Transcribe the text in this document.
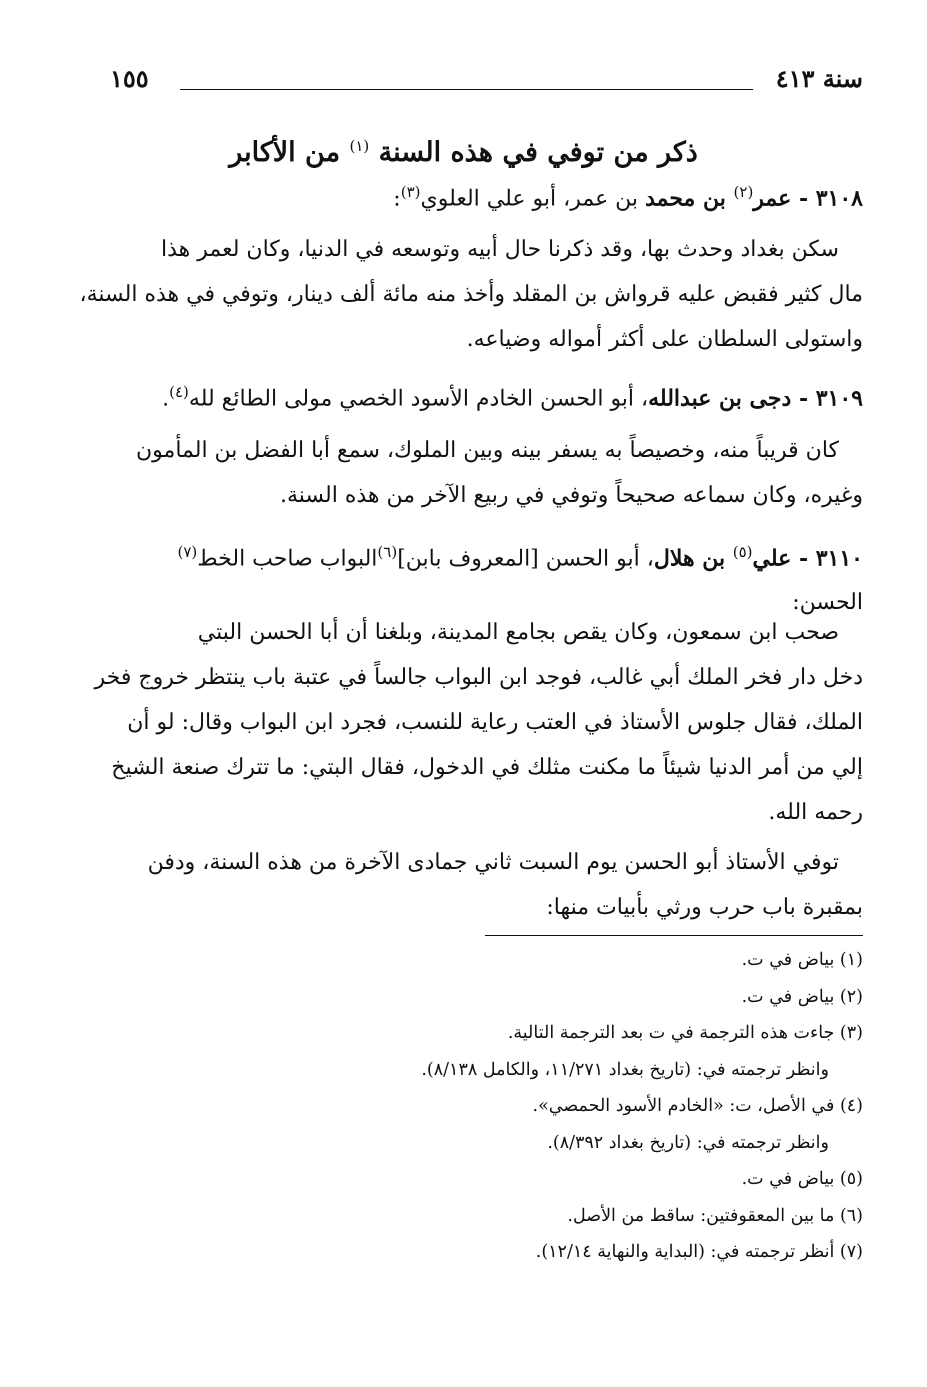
سنة ٤١٣
١٥٥
ذكر من توفي في هذه السنة $^{(١)}$ من الأكابر
٣١٠٨ - عمر$^{(٢)}$ بن محمد بن عمر، أبو علي العلوي$^{(٣)}$:
سكن بغداد وحدث بها، وقد ذكرنا حال أبيه وتوسعه في الدنيا، وكان لعمر هذا
مال كثير فقبض عليه قرواش بن المقلد وأخذ منه مائة ألف دينار، وتوفي في هذه السنة،
واستولى السلطان على أكثر أمواله وضياعه.
٣١٠٩ - دجى بن عبدالله، أبو الحسن الخادم الأسود الخصي مولى الطائع لله$^{(٤)}$.
كان قريباً منه، وخصيصاً به يسفر بينه وبين الملوك، سمع أبا الفضل بن المأمون
وغيره، وكان سماعه صحيحاً وتوفي في ربيع الآخر من هذه السنة.
٣١١٠ - علي$^{(٥)}$ بن هلال، أبو الحسن [المعروف بابن]$^{(٦)}$البواب صاحب الخط$^{(٧)}$
الحسن:
صحب ابن سمعون، وكان يقص بجامع المدينة، وبلغنا أن أبا الحسن البتي
دخل دار فخر الملك أبي غالب، فوجد ابن البواب جالساً في عتبة باب ينتظر خروج فخر
الملك، فقال جلوس الأستاذ في العتب رعاية للنسب، فجرد ابن البواب وقال: لو أن
إلي من أمر الدنيا شيئاً ما مكنت مثلك في الدخول، فقال البتي: ما تترك صنعة الشيخ
رحمه الله.
توفي الأستاذ أبو الحسن يوم السبت ثاني جمادى الآخرة من هذه السنة، ودفن
بمقبرة باب حرب ورثي بأبيات منها:
(١) بياض في ت.
(٢) بياض في ت.
(٣) جاءت هذه الترجمة في ت بعد الترجمة التالية.
وانظر ترجمته في: (تاريخ بغداد ١١/٢٧١، والكامل ٨/١٣٨).
(٤) في الأصل، ت: «الخادم الأسود الحمصي».
وانظر ترجمته في: (تاريخ بغداد ٨/٣٩٢).
(٥) بياض في ت.
(٦) ما بين المعقوفتين: ساقط من الأصل.
(٧) أنظر ترجمته في: (البداية والنهاية ١٢/١٤).
